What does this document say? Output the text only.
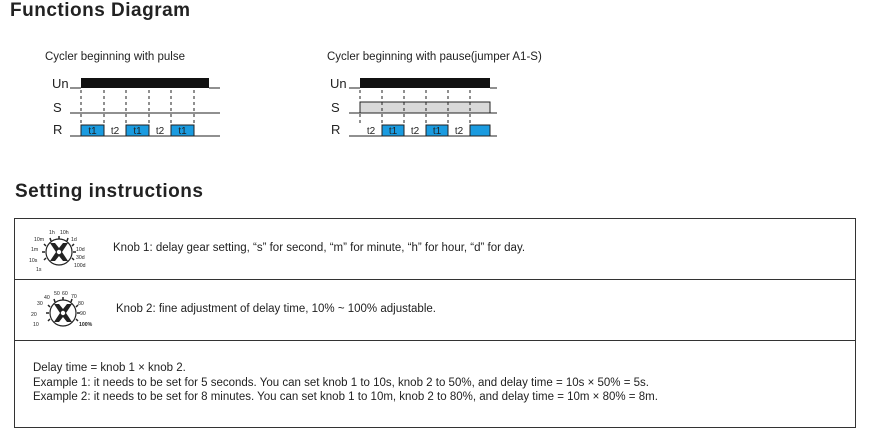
Functions Diagram
Cycler beginning with pulse	Cycler beginning with pause(jumper A1-S)
Un
S
R	t1 t2 t1 t2 t1
Un
S
R	t2 t1 t2 t1 t2
Setting instructions
1s
10s
1m
10m
1h 10h
1d
10d
30d
100d
Knob 1: delay gear setting, “s” for second, “m” for minute, “h” for hour, “d” for day.
10
20
30
40
50 60 70
80
90
100%
Knob 2: fine adjustment of delay time, 10% ~ 100% adjustable.
Delay time = knob 1 × knob 2.
Example 1: it needs to be set for 5 seconds. You can set knob 1 to 10s, knob 2 to 50%, and delay time = 10s × 50% = 5s.
Example 2: it needs to be set for 8 minutes. You can set knob 1 to 10m, knob 2 to 80%, and delay time = 10m × 80% = 8m.
